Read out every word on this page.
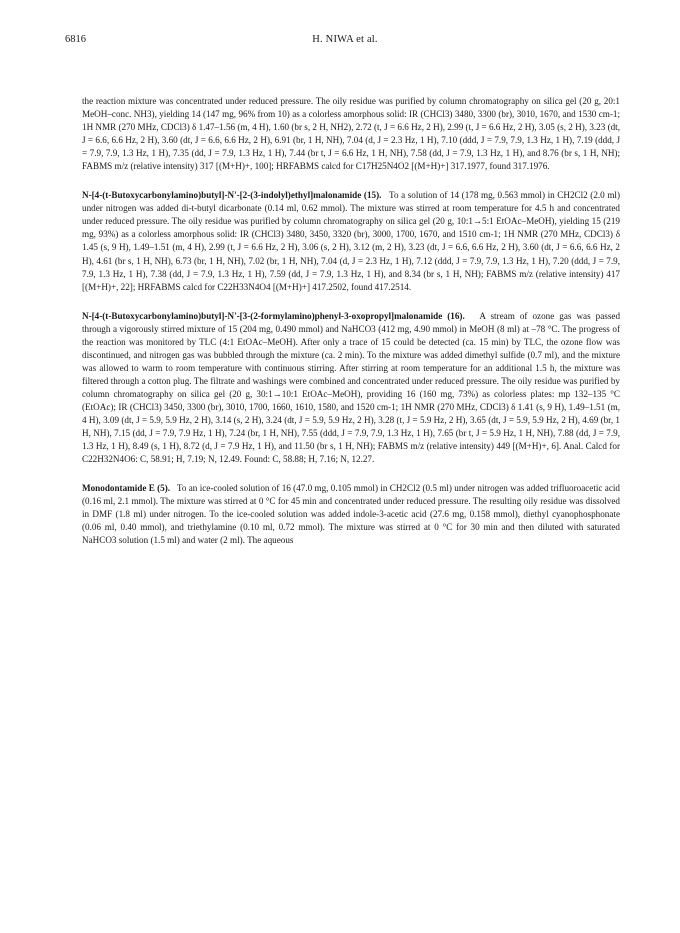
6816	H. NIWA et al.

the reaction mixture was concentrated under reduced pressure. The oily residue was purified by column chromatography on silica gel (20 g, 20:1 MeOH–conc. NH3), yielding 14 (147 mg, 96% from 10) as a colorless amorphous solid: IR (CHCl3) 3480, 3300 (br), 3010, 1670, and 1530 cm-1; 1H NMR (270 MHz, CDCl3) δ 1.47–1.56 (m, 4 H), 1.60 (br s, 2 H, NH2), 2.72 (t, J = 6.6 Hz, 2 H), 2.99 (t, J = 6.6 Hz, 2 H), 3.05 (s, 2 H), 3.23 (dt, J = 6.6, 6.6 Hz, 2 H), 3.60 (dt, J = 6.6, 6.6 Hz, 2 H), 6.91 (br, 1 H, NH), 7.04 (d, J = 2.3 Hz, 1 H), 7.10 (ddd, J = 7.9, 7.9, 1.3 Hz, 1 H), 7.19 (ddd, J = 7.9, 7.9, 1.3 Hz, 1 H), 7.35 (dd, J = 7.9, 1.3 Hz, 1 H), 7.44 (br t, J = 6.6 Hz, 1 H, NH), 7.58 (dd, J = 7.9, 1.3 Hz, 1 H), and 8.76 (br s, 1 H, NH); FABMS m/z (relative intensity) 317 [(M+H)+, 100]; HRFABMS calcd for C17H25N4O2 [(M+H)+] 317.1977, found 317.1976.

N-[4-(t-Butoxycarbonylamino)butyl]-N'-[2-(3-indolyl)ethyl]malonamide (15). To a solution of 14 (178 mg, 0.563 mmol) in CH2Cl2 (2.0 ml) under nitrogen was added di-t-butyl dicarbonate (0.14 ml, 0.62 mmol). The mixture was stirred at room temperature for 4.5 h and concentrated under reduced pressure. The oily residue was purified by column chromatography on silica gel (20 g, 10:1→5:1 EtOAc–MeOH), yielding 15 (219 mg, 93%) as a colorless amorphous solid: IR (CHCl3) 3480, 3450, 3320 (br), 3000, 1700, 1670, and 1510 cm-1; 1H NMR (270 MHz, CDCl3) δ 1.45 (s, 9 H), 1.49–1.51 (m, 4 H), 2.99 (t, J = 6.6 Hz, 2 H), 3.06 (s, 2 H), 3.12 (m, 2 H), 3.23 (dt, J = 6.6, 6.6 Hz, 2 H), 3.60 (dt, J = 6.6, 6.6 Hz, 2 H), 4.61 (br s, 1 H, NH), 6.73 (br, 1 H, NH), 7.02 (br, 1 H, NH), 7.04 (d, J = 2.3 Hz, 1 H), 7.12 (ddd, J = 7.9, 7.9, 1.3 Hz, 1 H), 7.20 (ddd, J = 7.9, 7.9, 1.3 Hz, 1 H), 7.38 (dd, J = 7.9, 1.3 Hz, 1 H), 7.59 (dd, J = 7.9, 1.3 Hz, 1 H), and 8.34 (br s, 1 H, NH); FABMS m/z (relative intensity) 417 [(M+H)+, 22]; HRFABMS calcd for C22H33N4O4 [(M+H)+] 417.2502, found 417.2514.

N-[4-(t-Butoxycarbonylamino)butyl]-N'-[3-(2-formylamino)phenyl-3-oxopropyl]malonamide (16). A stream of ozone gas was passed through a vigorously stirred mixture of 15 (204 mg, 0.490 mmol) and NaHCO3 (412 mg, 4.90 mmol) in MeOH (8 ml) at –78 °C. The progress of the reaction was monitored by TLC (4:1 EtOAc–MeOH). After only a trace of 15 could be detected (ca. 15 min) by TLC, the ozone flow was discontinued, and nitrogen gas was bubbled through the mixture (ca. 2 min). To the mixture was added dimethyl sulfide (0.7 ml), and the mixture was allowed to warm to room temperature with continuous stirring. After stirring at room temperature for an additional 1.5 h, the mixture was filtered through a cotton plug. The filtrate and washings were combined and concentrated under reduced pressure. The oily residue was purified by column chromatography on silica gel (20 g, 30:1→10:1 EtOAc–MeOH), providing 16 (160 mg, 73%) as colorless plates: mp 132–135 °C (EtOAc); IR (CHCl3) 3450, 3300 (br), 3010, 1700, 1660, 1610, 1580, and 1520 cm-1; 1H NMR (270 MHz, CDCl3) δ 1.41 (s, 9 H), 1.49–1.51 (m, 4 H), 3.09 (dt, J = 5.9, 5.9 Hz, 2 H), 3.14 (s, 2 H), 3.24 (dt, J = 5.9, 5.9 Hz, 2 H), 3.28 (t, J = 5.9 Hz, 2 H), 3.65 (dt, J = 5.9, 5.9 Hz, 2 H), 4.69 (br, 1 H, NH), 7.15 (dd, J = 7.9, 7.9 Hz, 1 H), 7.24 (br, 1 H, NH), 7.55 (ddd, J = 7.9, 7.9, 1.3 Hz, 1 H), 7.65 (br t, J = 5.9 Hz, 1 H, NH), 7.88 (dd, J = 7.9, 1.3 Hz, 1 H), 8.49 (s, 1 H), 8.72 (d, J = 7.9 Hz, 1 H), and 11.50 (br s, 1 H, NH); FABMS m/z (relative intensity) 449 [(M+H)+, 6]. Anal. Calcd for C22H32N4O6: C, 58.91; H, 7.19; N, 12.49. Found: C, 58.88; H, 7.16; N, 12.27.

Monodontamide E (5). To an ice-cooled solution of 16 (47.0 mg, 0.105 mmol) in CH2Cl2 (0.5 ml) under nitrogen was added trifluoroacetic acid (0.16 ml, 2.1 mmol). The mixture was stirred at 0 °C for 45 min and concentrated under reduced pressure. The resulting oily residue was dissolved in DMF (1.8 ml) under nitrogen. To the ice-cooled solution was added indole-3-acetic acid (27.6 mg, 0.158 mmol), diethyl cyanophosphonate (0.06 ml, 0.40 mmol), and triethylamine (0.10 ml, 0.72 mmol). The mixture was stirred at 0 °C for 30 min and then diluted with saturated NaHCO3 solution (1.5 ml) and water (2 ml). The aqueous
